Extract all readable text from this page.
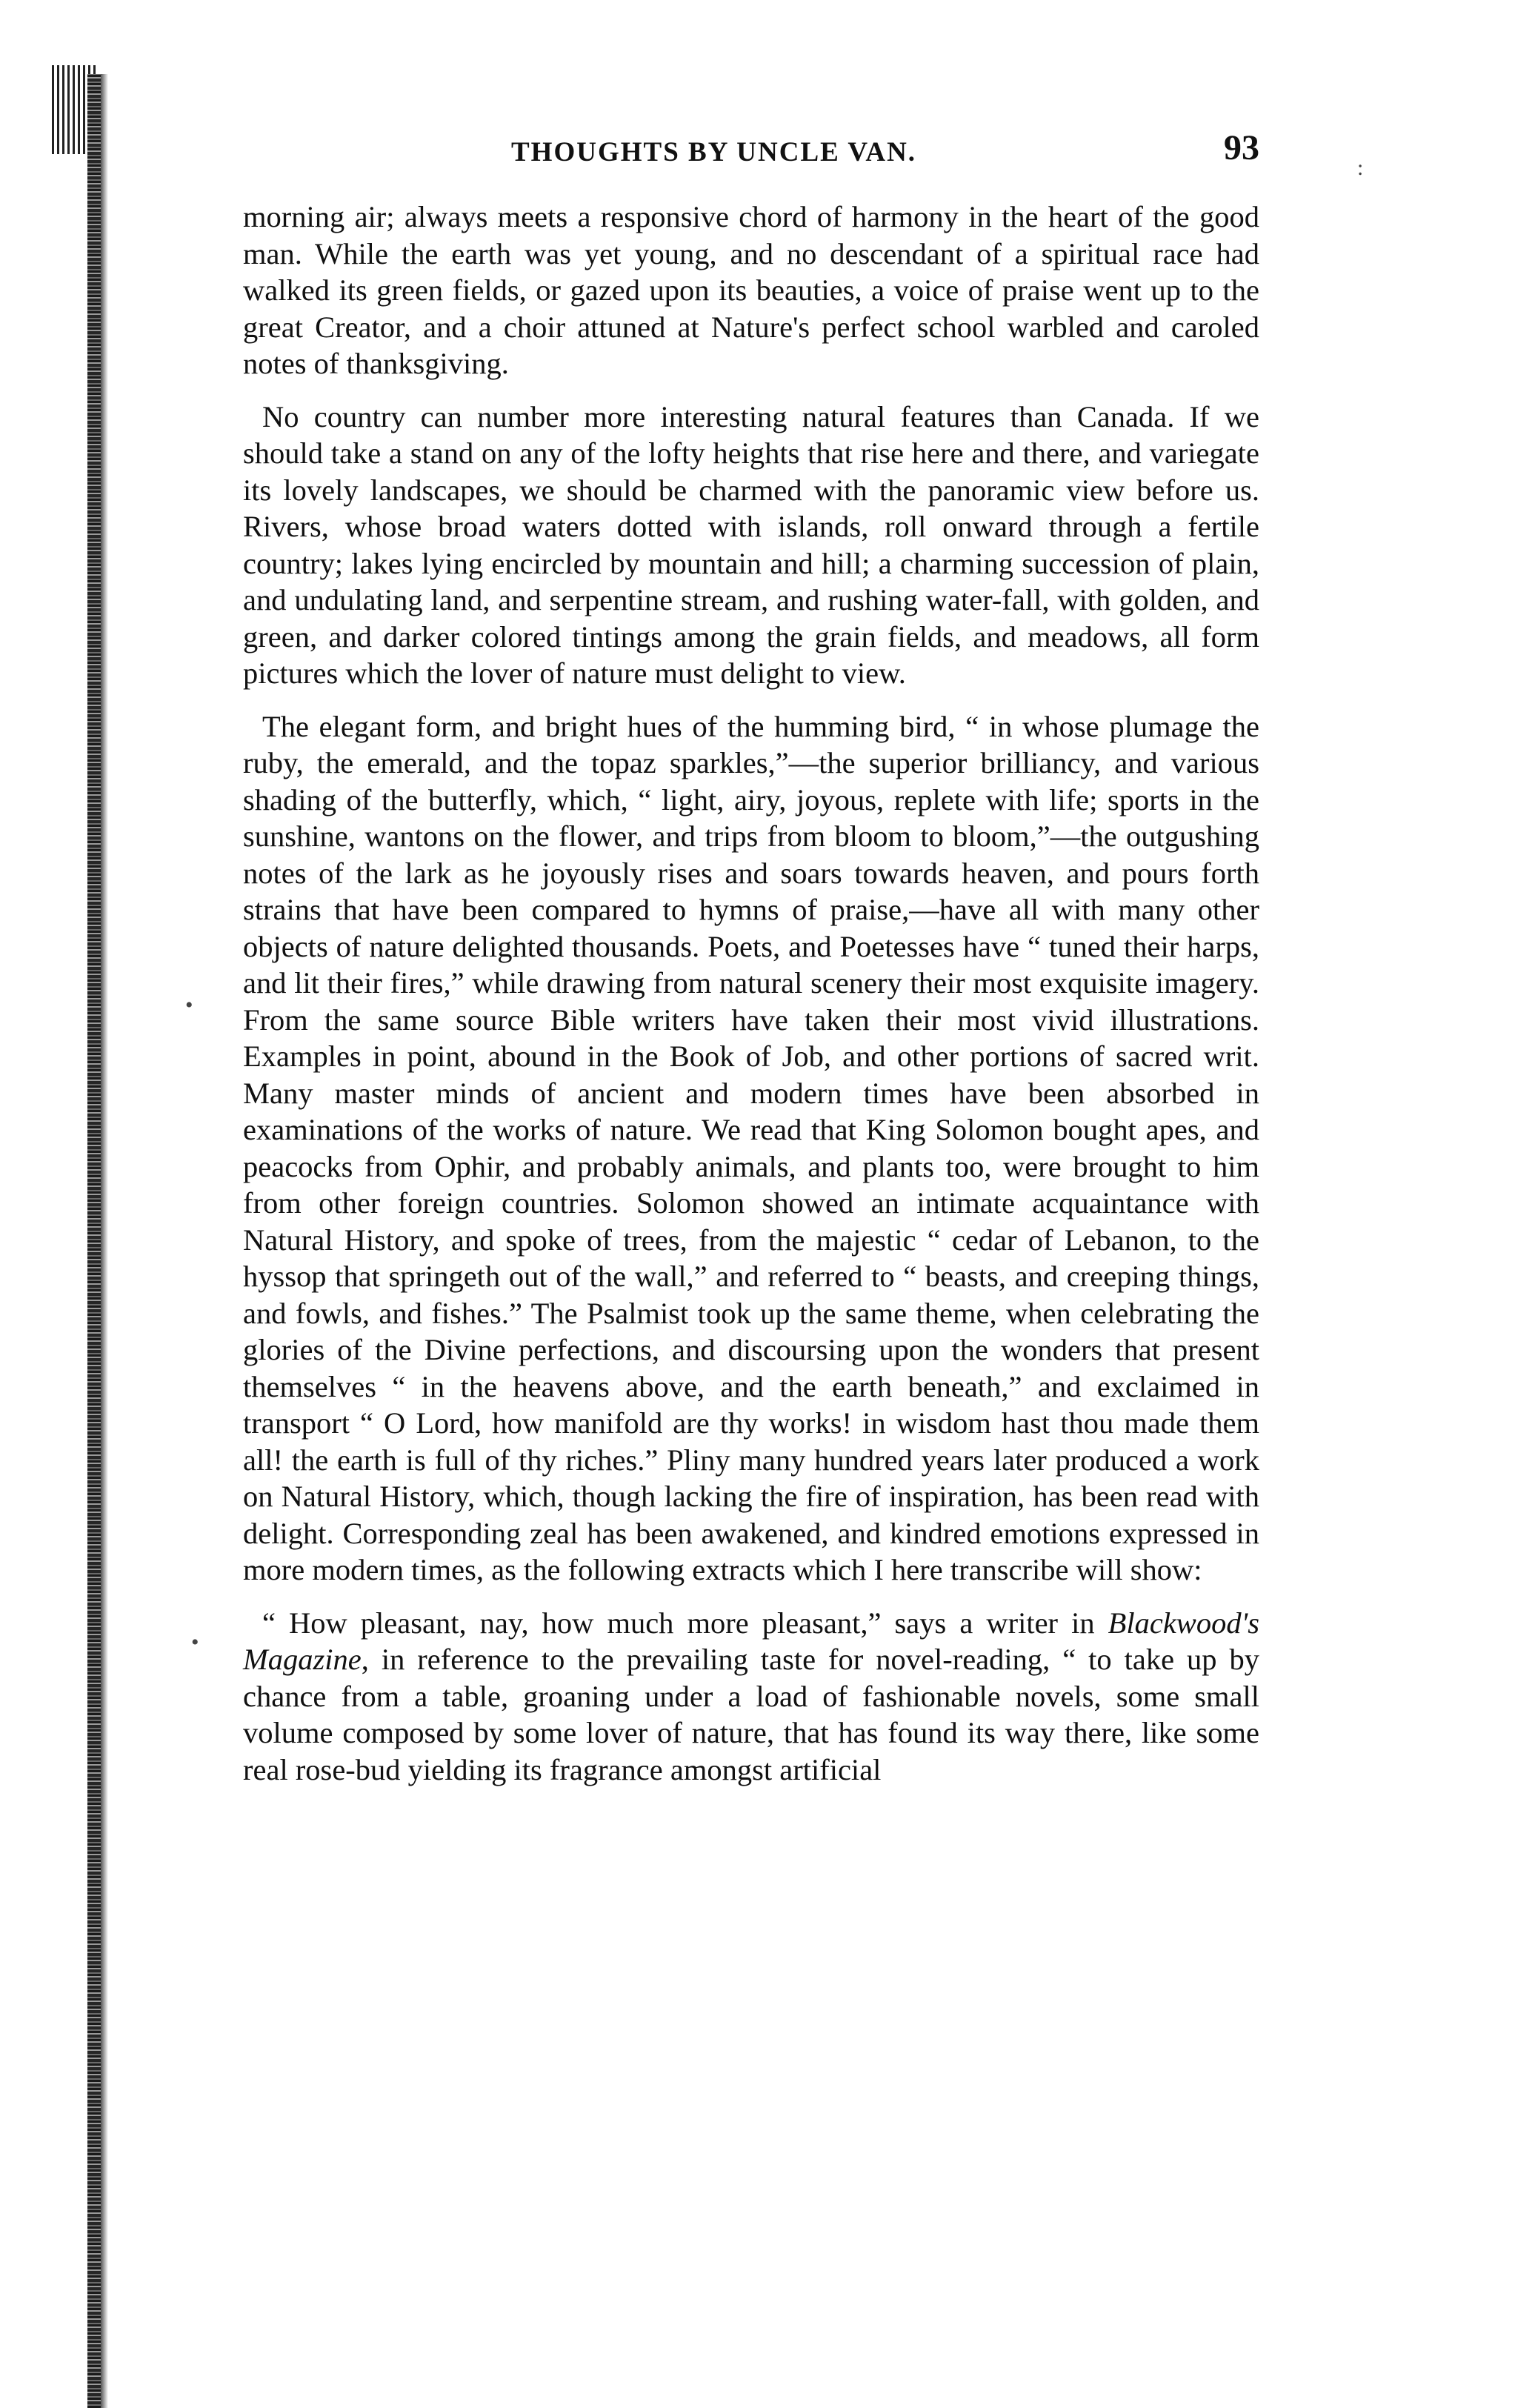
THOUGHTS BY UNCLE VAN.	93
:
•
•

morning air; always meets a responsive chord of harmony in the heart of the good man. While the earth was yet young, and no descendant of a spiritual race had walked its green fields, or gazed upon its beauties, a voice of praise went up to the great Creator, and a choir attuned at Nature's perfect school warbled and caroled notes of thanksgiving.

No country can number more interesting natural features than Canada. If we should take a stand on any of the lofty heights that rise here and there, and variegate its lovely landscapes, we should be charmed with the panoramic view before us. Rivers, whose broad waters dotted with islands, roll onward through a fertile country; lakes lying encircled by mountain and hill; a charming succession of plain, and undulating land, and serpentine stream, and rushing water-fall, with golden, and green, and darker colored tintings among the grain fields, and meadows, all form pictures which the lover of nature must delight to view.

The elegant form, and bright hues of the humming bird, “ in whose plumage the ruby, the emerald, and the topaz sparkles,”—the superior brilliancy, and various shading of the butterfly, which, “ light, airy, joyous, replete with life; sports in the sunshine, wantons on the flower, and trips from bloom to bloom,”—the outgushing notes of the lark as he joyously rises and soars towards heaven, and pours forth strains that have been compared to hymns of praise,—have all with many other objects of nature delighted thousands. Poets, and Poetesses have “ tuned their harps, and lit their fires,” while drawing from natural scenery their most exquisite imagery. From the same source Bible writers have taken their most vivid illustrations. Examples in point, abound in the Book of Job, and other portions of sacred writ. Many master minds of ancient and modern times have been absorbed in examinations of the works of nature. We read that King Solomon bought apes, and peacocks from Ophir, and probably animals, and plants too, were brought to him from other foreign countries. Solomon showed an intimate acquaintance with Natural History, and spoke of trees, from the majestic “ cedar of Lebanon, to the hyssop that springeth out of the wall,” and referred to “ beasts, and creeping things, and fowls, and fishes.” The Psalmist took up the same theme, when celebrating the glories of the Divine perfections, and discoursing upon the wonders that present themselves “ in the heavens above, and the earth beneath,” and exclaimed in transport “ O Lord, how manifold are thy works! in wisdom hast thou made them all! the earth is full of thy riches.” Pliny many hundred years later produced a work on Natural History, which, though lacking the fire of inspiration, has been read with delight. Corresponding zeal has been awakened, and kindred emotions expressed in more modern times, as the following extracts which I here transcribe will show:

“ How pleasant, nay, how much more pleasant,” says a writer in Blackwood's Magazine, in reference to the prevailing taste for novel-reading, “ to take up by chance from a table, groaning under a load of fashionable novels, some small volume composed by some lover of nature, that has found its way there, like some real rose-bud yielding its fragrance amongst artificial
